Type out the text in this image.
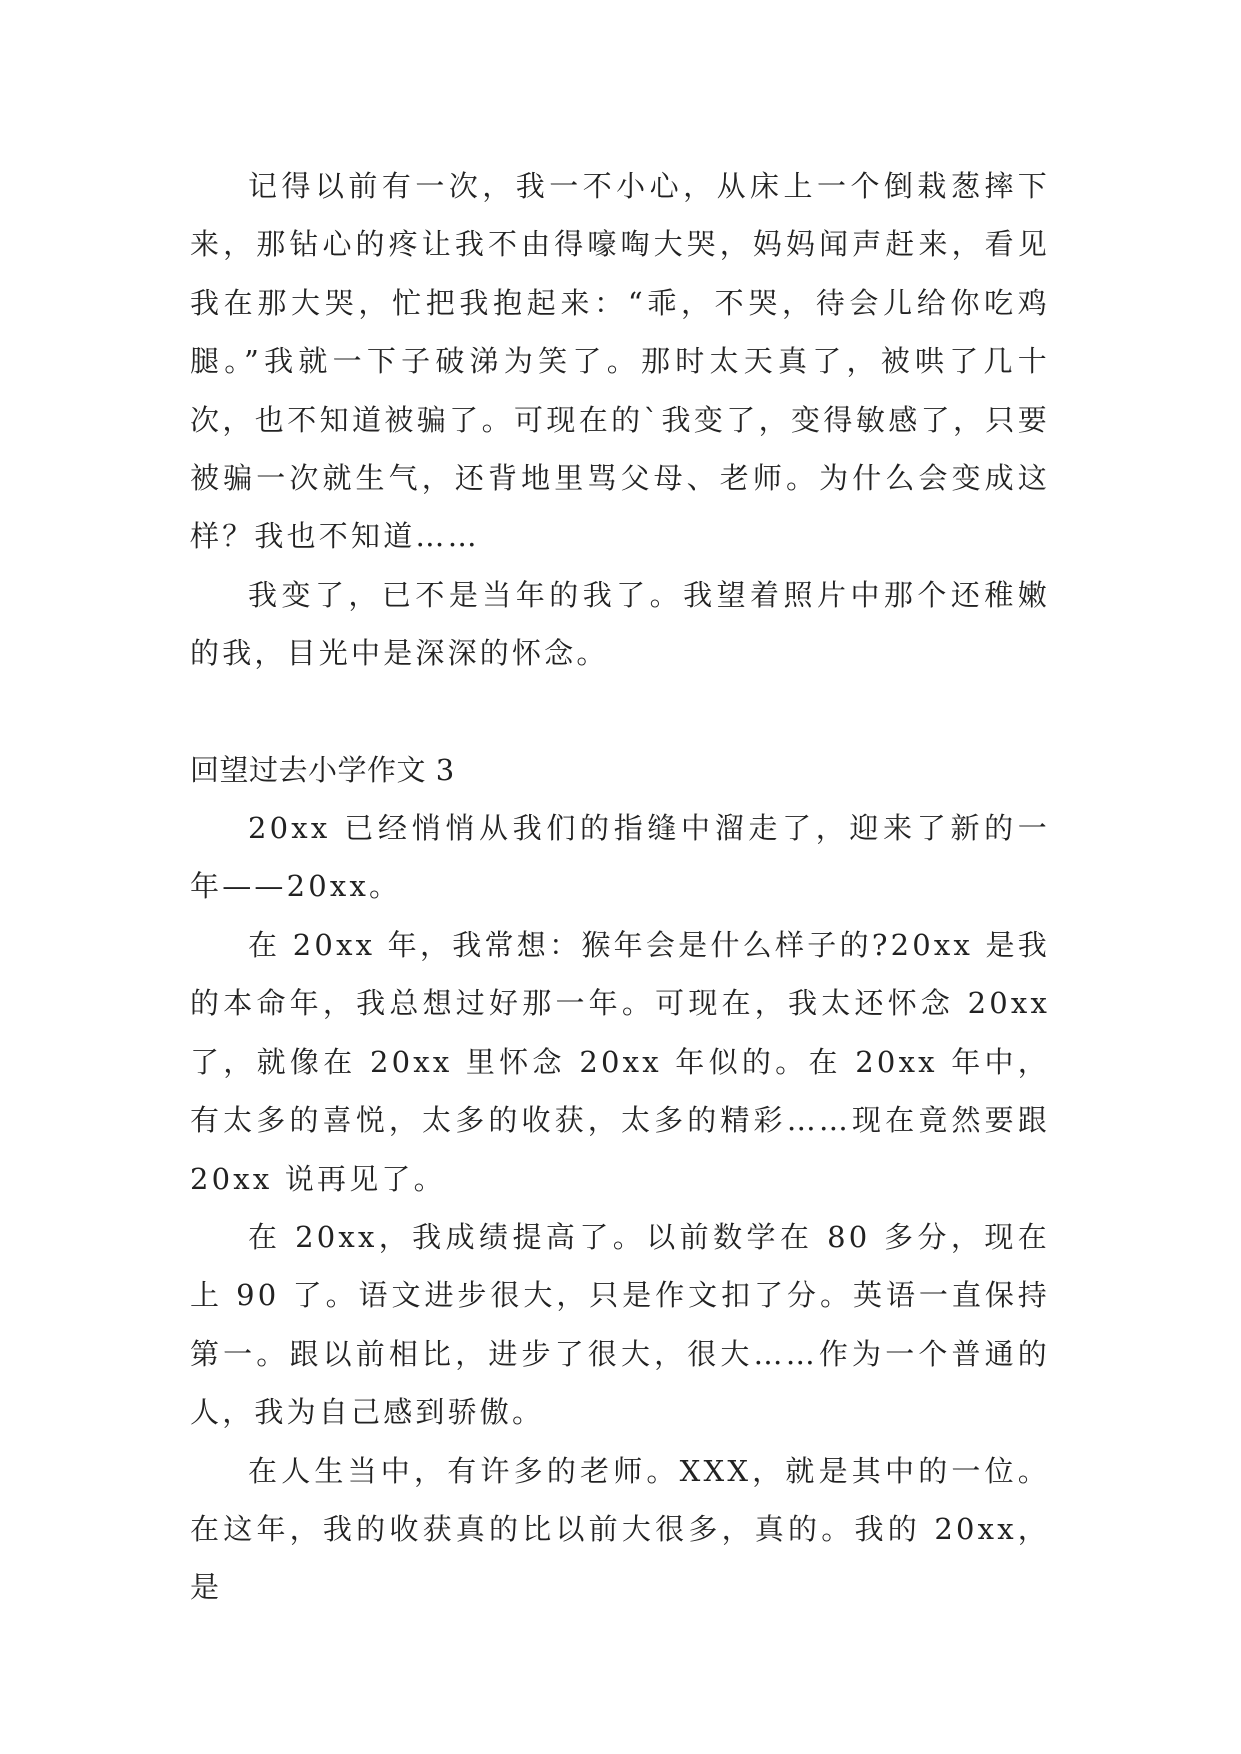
记得以前有一次，我一不小心，从床上一个倒栽葱摔下来，那钻心的疼让我不由得嚎啕大哭，妈妈闻声赶来，看见我在那大哭，忙把我抱起来：“乖，不哭，待会儿给你吃鸡腿。”我就一下子破涕为笑了。那时太天真了，被哄了几十次，也不知道被骗了。可现在的`我变了，变得敏感了，只要被骗一次就生气，还背地里骂父母、老师。为什么会变成这样？我也不知道……

我变了，已不是当年的我了。我望着照片中那个还稚嫩的我，目光中是深深的怀念。

回望过去小学作文 3

20xx 已经悄悄从我们的指缝中溜走了，迎来了新的一年——20xx。

在 20xx 年，我常想：猴年会是什么样子的?20xx 是我的本命年，我总想过好那一年。可现在，我太还怀念 20xx 了，就像在 20xx 里怀念 20xx 年似的。在 20xx 年中，有太多的喜悦，太多的收获，太多的精彩……现在竟然要跟 20xx 说再见了。

在 20xx，我成绩提高了。以前数学在 80 多分，现在上 90 了。语文进步很大，只是作文扣了分。英语一直保持第一。跟以前相比，进步了很大，很大……作为一个普通的人，我为自己感到骄傲。

在人生当中，有许多的老师。XXX，就是其中的一位。在这年，我的收获真的比以前大很多，真的。我的 20xx，是
